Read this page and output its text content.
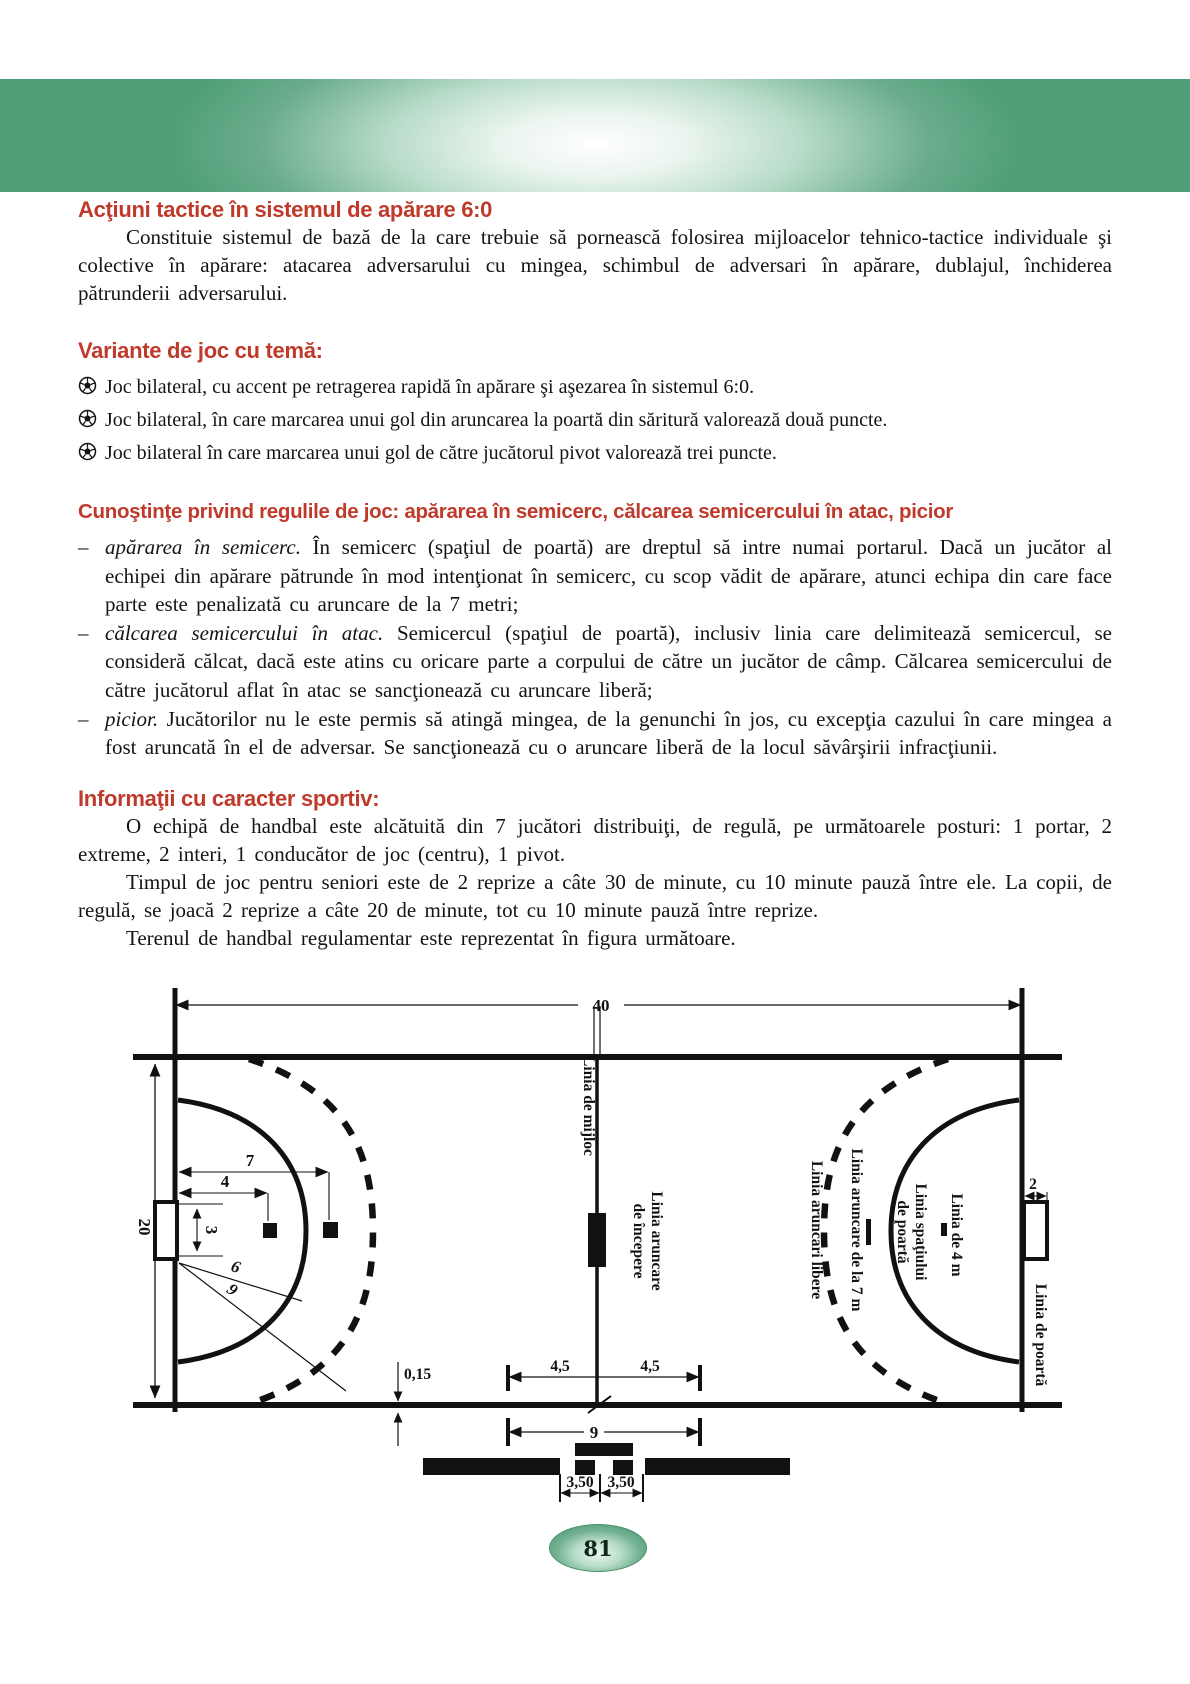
Acţiuni tactice în sistemul de apărare 6:0

Constituie sistemul de bază de la care trebuie să pornească folosirea mijloacelor tehnico-tactice individuale şi colective în apărare: atacarea adversarului cu mingea, schimbul de adversari în apărare, dublajul, închiderea pătrunderii adversarului.

Variante de joc cu temă:
Joc bilateral, cu accent pe retragerea rapidă în apărare şi aşezarea în sistemul 6:0.
Joc bilateral, în care marcarea unui gol din aruncarea la poartă din săritură valorează două puncte.
Joc bilateral în care marcarea unui gol de către jucătorul pivot valorează trei puncte.
Cunoştinţe privind regulile de joc: apărarea în semicerc, călcarea semicercului în atac, picior
– apărarea în semicerc. În semicerc (spaţiul de poartă) are dreptul să intre numai portarul. Dacă un jucător al echipei din apărare pătrunde în mod intenţionat în semicerc, cu scop vădit de apărare, atunci echipa din care face parte este penalizată cu aruncare de la 7 metri;
– călcarea semicercului în atac. Semicercul (spaţiul de poartă), inclusiv linia care delimitează semicercul, se consideră călcat, dacă este atins cu oricare parte a corpului de către un jucător de câmp. Călcarea semicercului de către jucătorul aflat în atac se sancţionează cu aruncare liberă;
– picior. Jucătorilor nu le este permis să atingă mingea, de la genunchi în jos, cu excepţia cazului în care mingea a fost aruncată în el de adversar. Se sancţionează cu o aruncare liberă de la locul săvârşirii infracţiunii.
Informaţii cu caracter sportiv:

O echipă de handbal este alcătuită din 7 jucători distribuiţi, de regulă, pe următoarele posturi: 1 portar, 2 extreme, 2 interi, 1 conducător de joc (centru), 1 pivot.

Timpul de joc pentru seniori este de 2 reprize a câte 30 de minute, cu 10 minute pauză între ele. La copii, de regulă, se joacă 2 reprize a câte 20 de minute, tot cu 10 minute pauză între reprize.

Terenul de handbal regulamentar este reprezentat în figura următoare.

40
20
7
4
3
6
9
0,15	4,5	4,5
9
3,50 3,50
2
Linia de mijloc
Linia aruncare
de începere	Linia aruncări libere Linia aruncare de la 7 m de poartă Linia spaţiului Linia de 4 m
Linia de poartă
81
